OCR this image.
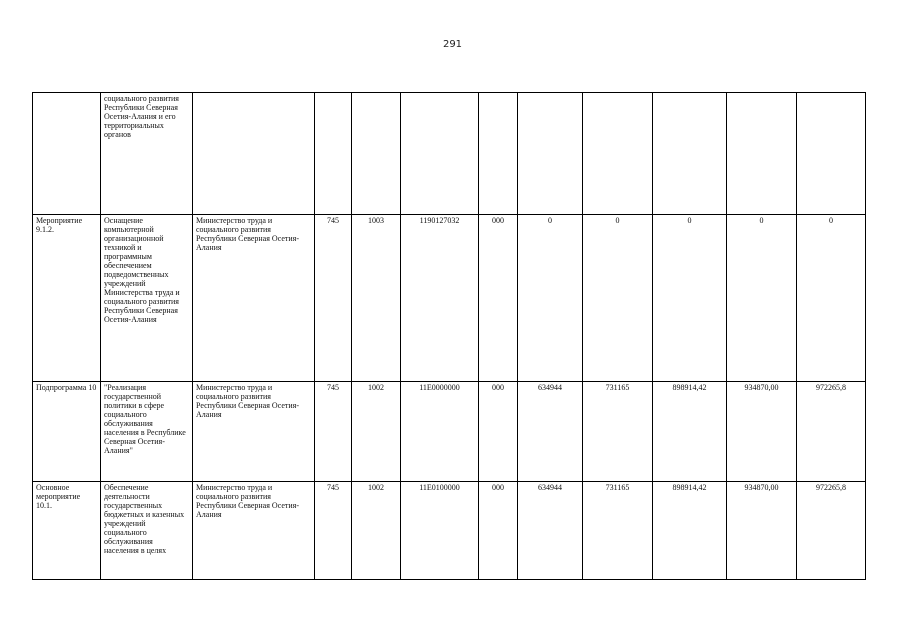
291
	социального развития Республики Северная Осетия-Алания и его территориальных органов										
Мероприятие 9.1.2.	Оснащение компьютерной организационной техникой и программным обеспечением подведомственных учреждений Министерства труда и социального развития Республики Северная Осетия-Алания	Министерство труда и социального развития Республики Северная Осетия-Алания	745	1003	1190127032	000	0	0	0	0	0
Подпрограмма 10	"Реализация государственной политики в сфере социального обслуживания населения в Республике Северная Осетия-Алания"	Министерство труда и социального развития Республики Северная Осетия-Алания	745	1002	11Е0000000	000	634944	731165	898914,42	934870,00	972265,8
Основное мероприятие 10.1.	Обеспечение деятельности государственных бюджетных и казенных учреждений социального обслуживания населения в целях	Министерство труда и социального развития Республики Северная Осетия-Алания	745	1002	11Е0100000	000	634944	731165	898914,42	934870,00	972265,8
